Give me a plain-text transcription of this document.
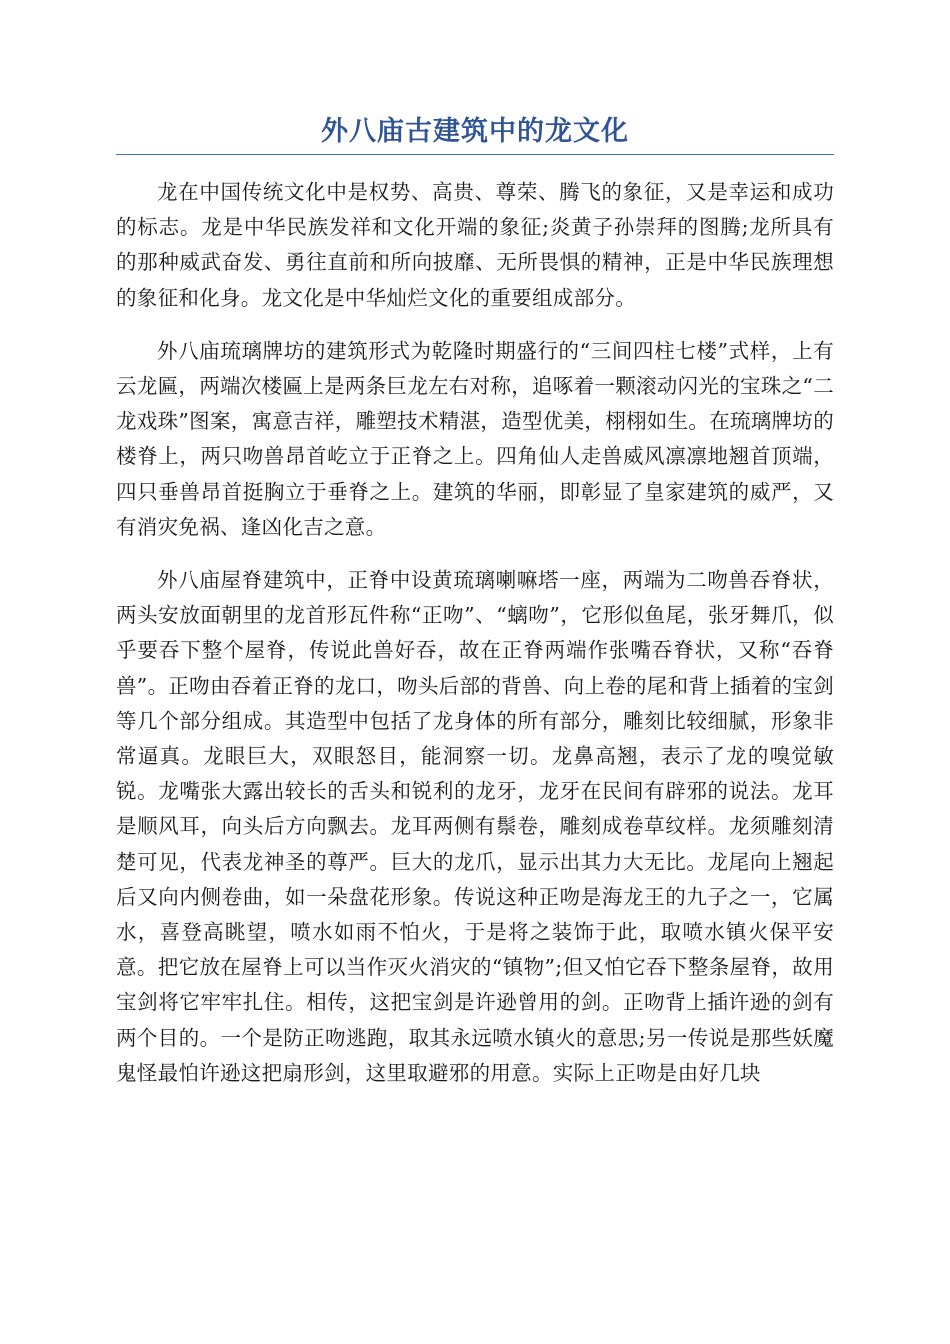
外八庙古建筑中的龙文化

龙在中国传统文化中是权势、高贵、尊荣、腾飞的象征，又是幸运和成功的标志。龙是中华民族发祥和文化开端的象征;炎黄子孙崇拜的图腾;龙所具有的那种威武奋发、勇往直前和所向披靡、无所畏惧的精神，正是中华民族理想的象征和化身。龙文化是中华灿烂文化的重要组成部分。

外八庙琉璃牌坊的建筑形式为乾隆时期盛行的“三间四柱七楼”式样，上有云龙匾，两端次楼匾上是两条巨龙左右对称，追啄着一颗滚动闪光的宝珠之“二龙戏珠”图案，寓意吉祥，雕塑技术精湛，造型优美，栩栩如生。在琉璃牌坊的楼脊上，两只吻兽昂首屹立于正脊之上。四角仙人走兽威风凛凛地翘首顶端，四只垂兽昂首挺胸立于垂脊之上。建筑的华丽，即彰显了皇家建筑的威严，又有消灾免祸、逢凶化吉之意。

外八庙屋脊建筑中，正脊中设黄琉璃喇嘛塔一座，两端为二吻兽吞脊状，两头安放面朝里的龙首形瓦件称“正吻”、“螭吻”，它形似鱼尾，张牙舞爪，似乎要吞下整个屋脊，传说此兽好吞，故在正脊两端作张嘴吞脊状，又称“吞脊兽”。正吻由吞着正脊的龙口，吻头后部的背兽、向上卷的尾和背上插着的宝剑等几个部分组成。其造型中包括了龙身体的所有部分，雕刻比较细腻，形象非常逼真。龙眼巨大，双眼怒目，能洞察一切。龙鼻高翘，表示了龙的嗅觉敏锐。龙嘴张大露出较长的舌头和锐利的龙牙，龙牙在民间有辟邪的说法。龙耳是顺风耳，向头后方向飘去。龙耳两侧有鬃卷，雕刻成卷草纹样。龙须雕刻清楚可见，代表龙神圣的尊严。巨大的龙爪，显示出其力大无比。龙尾向上翘起后又向内侧卷曲，如一朵盘花形象。传说这种正吻是海龙王的九子之一，它属水，喜登高眺望，喷水如雨不怕火，于是将之装饰于此，取喷水镇火保平安意。把它放在屋脊上可以当作灭火消灾的“镇物”;但又怕它吞下整条屋脊，故用宝剑将它牢牢扎住。相传，这把宝剑是许逊曾用的剑。正吻背上插许逊的剑有两个目的。一个是防正吻逃跑，取其永远喷水镇火的意思;另一传说是那些妖魔鬼怪最怕许逊这把扇形剑，这里取避邪的用意。实际上正吻是由好几块
